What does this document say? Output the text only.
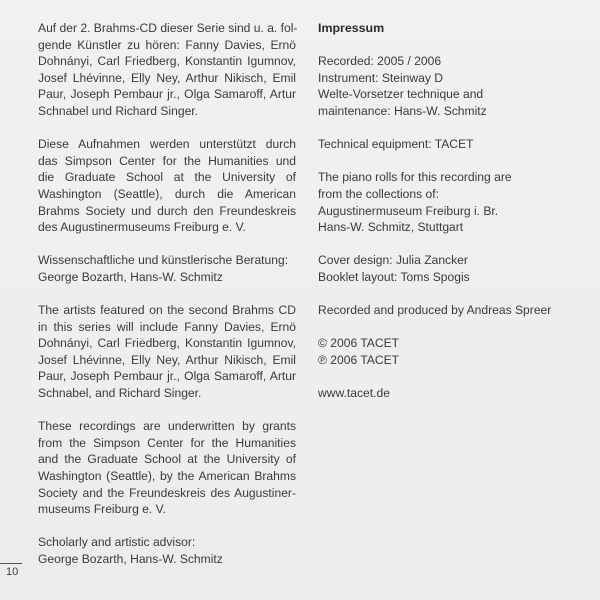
Auf der 2. Brahms-CD dieser Serie sind u. a. fol-
gende Künstler zu hören: Fanny Davies, Ernö
Dohnányi, Carl Friedberg, Konstantin Igumnov,
Josef Lhévinne, Elly Ney, Arthur Nikisch, Emil
Paur, Joseph Pembaur jr., Olga Samaroff, Artur
Schnabel und Richard Singer.
Diese Aufnahmen werden unterstützt durch
das Simpson Center for the Humanities und
die Graduate School at the University of
Washington (Seattle), durch die American
Brahms Society und durch den Freundeskreis
des Augustinermuseums Freiburg e. V.
Wissenschaftliche und künstlerische Beratung:
George Bozarth, Hans-W. Schmitz
The artists featured on the second Brahms CD
in this series will include Fanny Davies, Ernö
Dohnányi, Carl Friedberg, Konstantin Igumnov,
Josef Lhévinne, Elly Ney, Arthur Nikisch, Emil
Paur, Joseph Pembaur jr., Olga Samaroff, Artur
Schnabel, and Richard Singer.
These recordings are underwritten by grants
from the Simpson Center for the Humanities
and the Graduate School at the University of
Washington (Seattle), by the American Brahms
Society and the Freundeskreis des Augustiner-
museums Freiburg e. V.
Scholarly and artistic advisor:
George Bozarth, Hans-W. Schmitz
Impressum
Recorded: 2005 / 2006
Instrument: Steinway D
Welte-Vorsetzer technique and
maintenance: Hans-W. Schmitz
Technical equipment: TACET
The piano rolls for this recording are
from the collections of:
Augustinermuseum Freiburg i. Br.
Hans-W. Schmitz, Stuttgart
Cover design: Julia Zancker
Booklet layout: Toms Spogis
Recorded and produced by Andreas Spreer
© 2006 TACET
℗ 2006 TACET
www.tacet.de
10
